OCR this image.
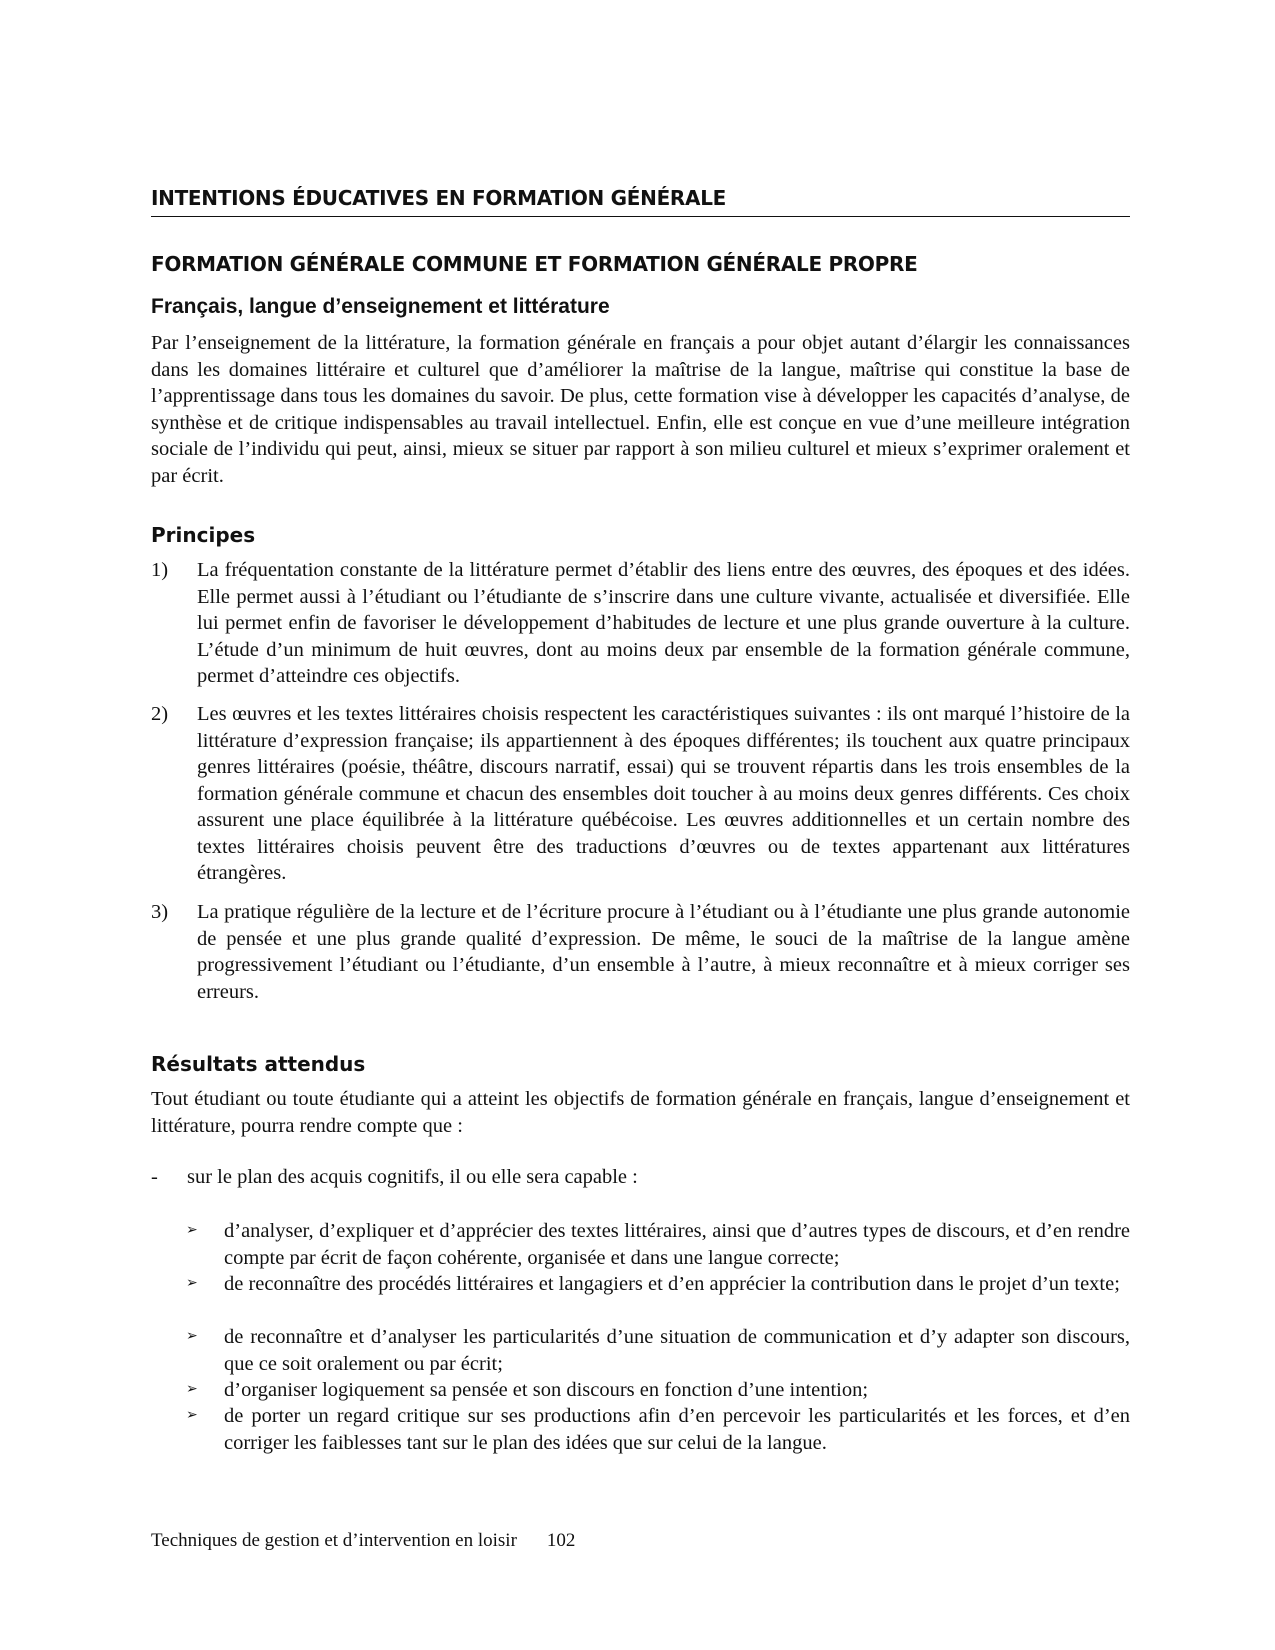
INTENTIONS ÉDUCATIVES EN FORMATION GÉNÉRALE
FORMATION GÉNÉRALE COMMUNE ET FORMATION GÉNÉRALE PROPRE
Français, langue d’enseignement et littérature
Par l’enseignement de la littérature, la formation générale en français a pour objet autant d’élargir les connaissances dans les domaines littéraire et culturel que d’améliorer la maîtrise de la langue, maîtrise qui constitue la base de l’apprentissage dans tous les domaines du savoir. De plus, cette formation vise à développer les capacités d’analyse, de synthèse et de critique indispensables au travail intellectuel. Enfin, elle est conçue en vue d’une meilleure intégration sociale de l’individu qui peut, ainsi, mieux se situer par rapport à son milieu culturel et mieux s’exprimer oralement et par écrit.
Principes
1) La fréquentation constante de la littérature permet d’établir des liens entre des œuvres, des époques et des idées. Elle permet aussi à l’étudiant ou l’étudiante de s’inscrire dans une culture vivante, actualisée et diversifiée. Elle lui permet enfin de favoriser le développement d’habitudes de lecture et une plus grande ouverture à la culture. L’étude d’un minimum de huit œuvres, dont au moins deux par ensemble de la formation générale commune, permet d’atteindre ces objectifs.
2) Les œuvres et les textes littéraires choisis respectent les caractéristiques suivantes : ils ont marqué l’histoire de la littérature d’expression française; ils appartiennent à des époques différentes; ils touchent aux quatre principaux genres littéraires (poésie, théâtre, discours narratif, essai) qui se trouvent répartis dans les trois ensembles de la formation générale commune et chacun des ensembles doit toucher à au moins deux genres différents. Ces choix assurent une place équilibrée à la littérature québécoise. Les œuvres additionnelles et un certain nombre des textes littéraires choisis peuvent être des traductions d’œuvres ou de textes appartenant aux littératures étrangères.
3) La pratique régulière de la lecture et de l’écriture procure à l’étudiant ou à l’étudiante une plus grande autonomie de pensée et une plus grande qualité d’expression. De même, le souci de la maîtrise de la langue amène progressivement l’étudiant ou l’étudiante, d’un ensemble à l’autre, à mieux reconnaître et à mieux corriger ses erreurs.
Résultats attendus
Tout étudiant ou toute étudiante qui a atteint les objectifs de formation générale en français, langue d’enseignement et littérature, pourra rendre compte que :
- sur le plan des acquis cognitifs, il ou elle sera capable :
➢ d’analyser, d’expliquer et d’apprécier des textes littéraires, ainsi que d’autres types de discours, et d’en rendre compte par écrit de façon cohérente, organisée et dans une langue correcte;
➢ de reconnaître des procédés littéraires et langagiers et d’en apprécier la contribution dans le projet d’un texte;
➢ de reconnaître et d’analyser les particularités d’une situation de communication et d’y adapter son discours, que ce soit oralement ou par écrit;
➢ d’organiser logiquement sa pensée et son discours en fonction d’une intention;
➢ de porter un regard critique sur ses productions afin d’en percevoir les particularités et les forces, et d’en corriger les faiblesses tant sur le plan des idées que sur celui de la langue.
Techniques de gestion et d’intervention en loisir 102
